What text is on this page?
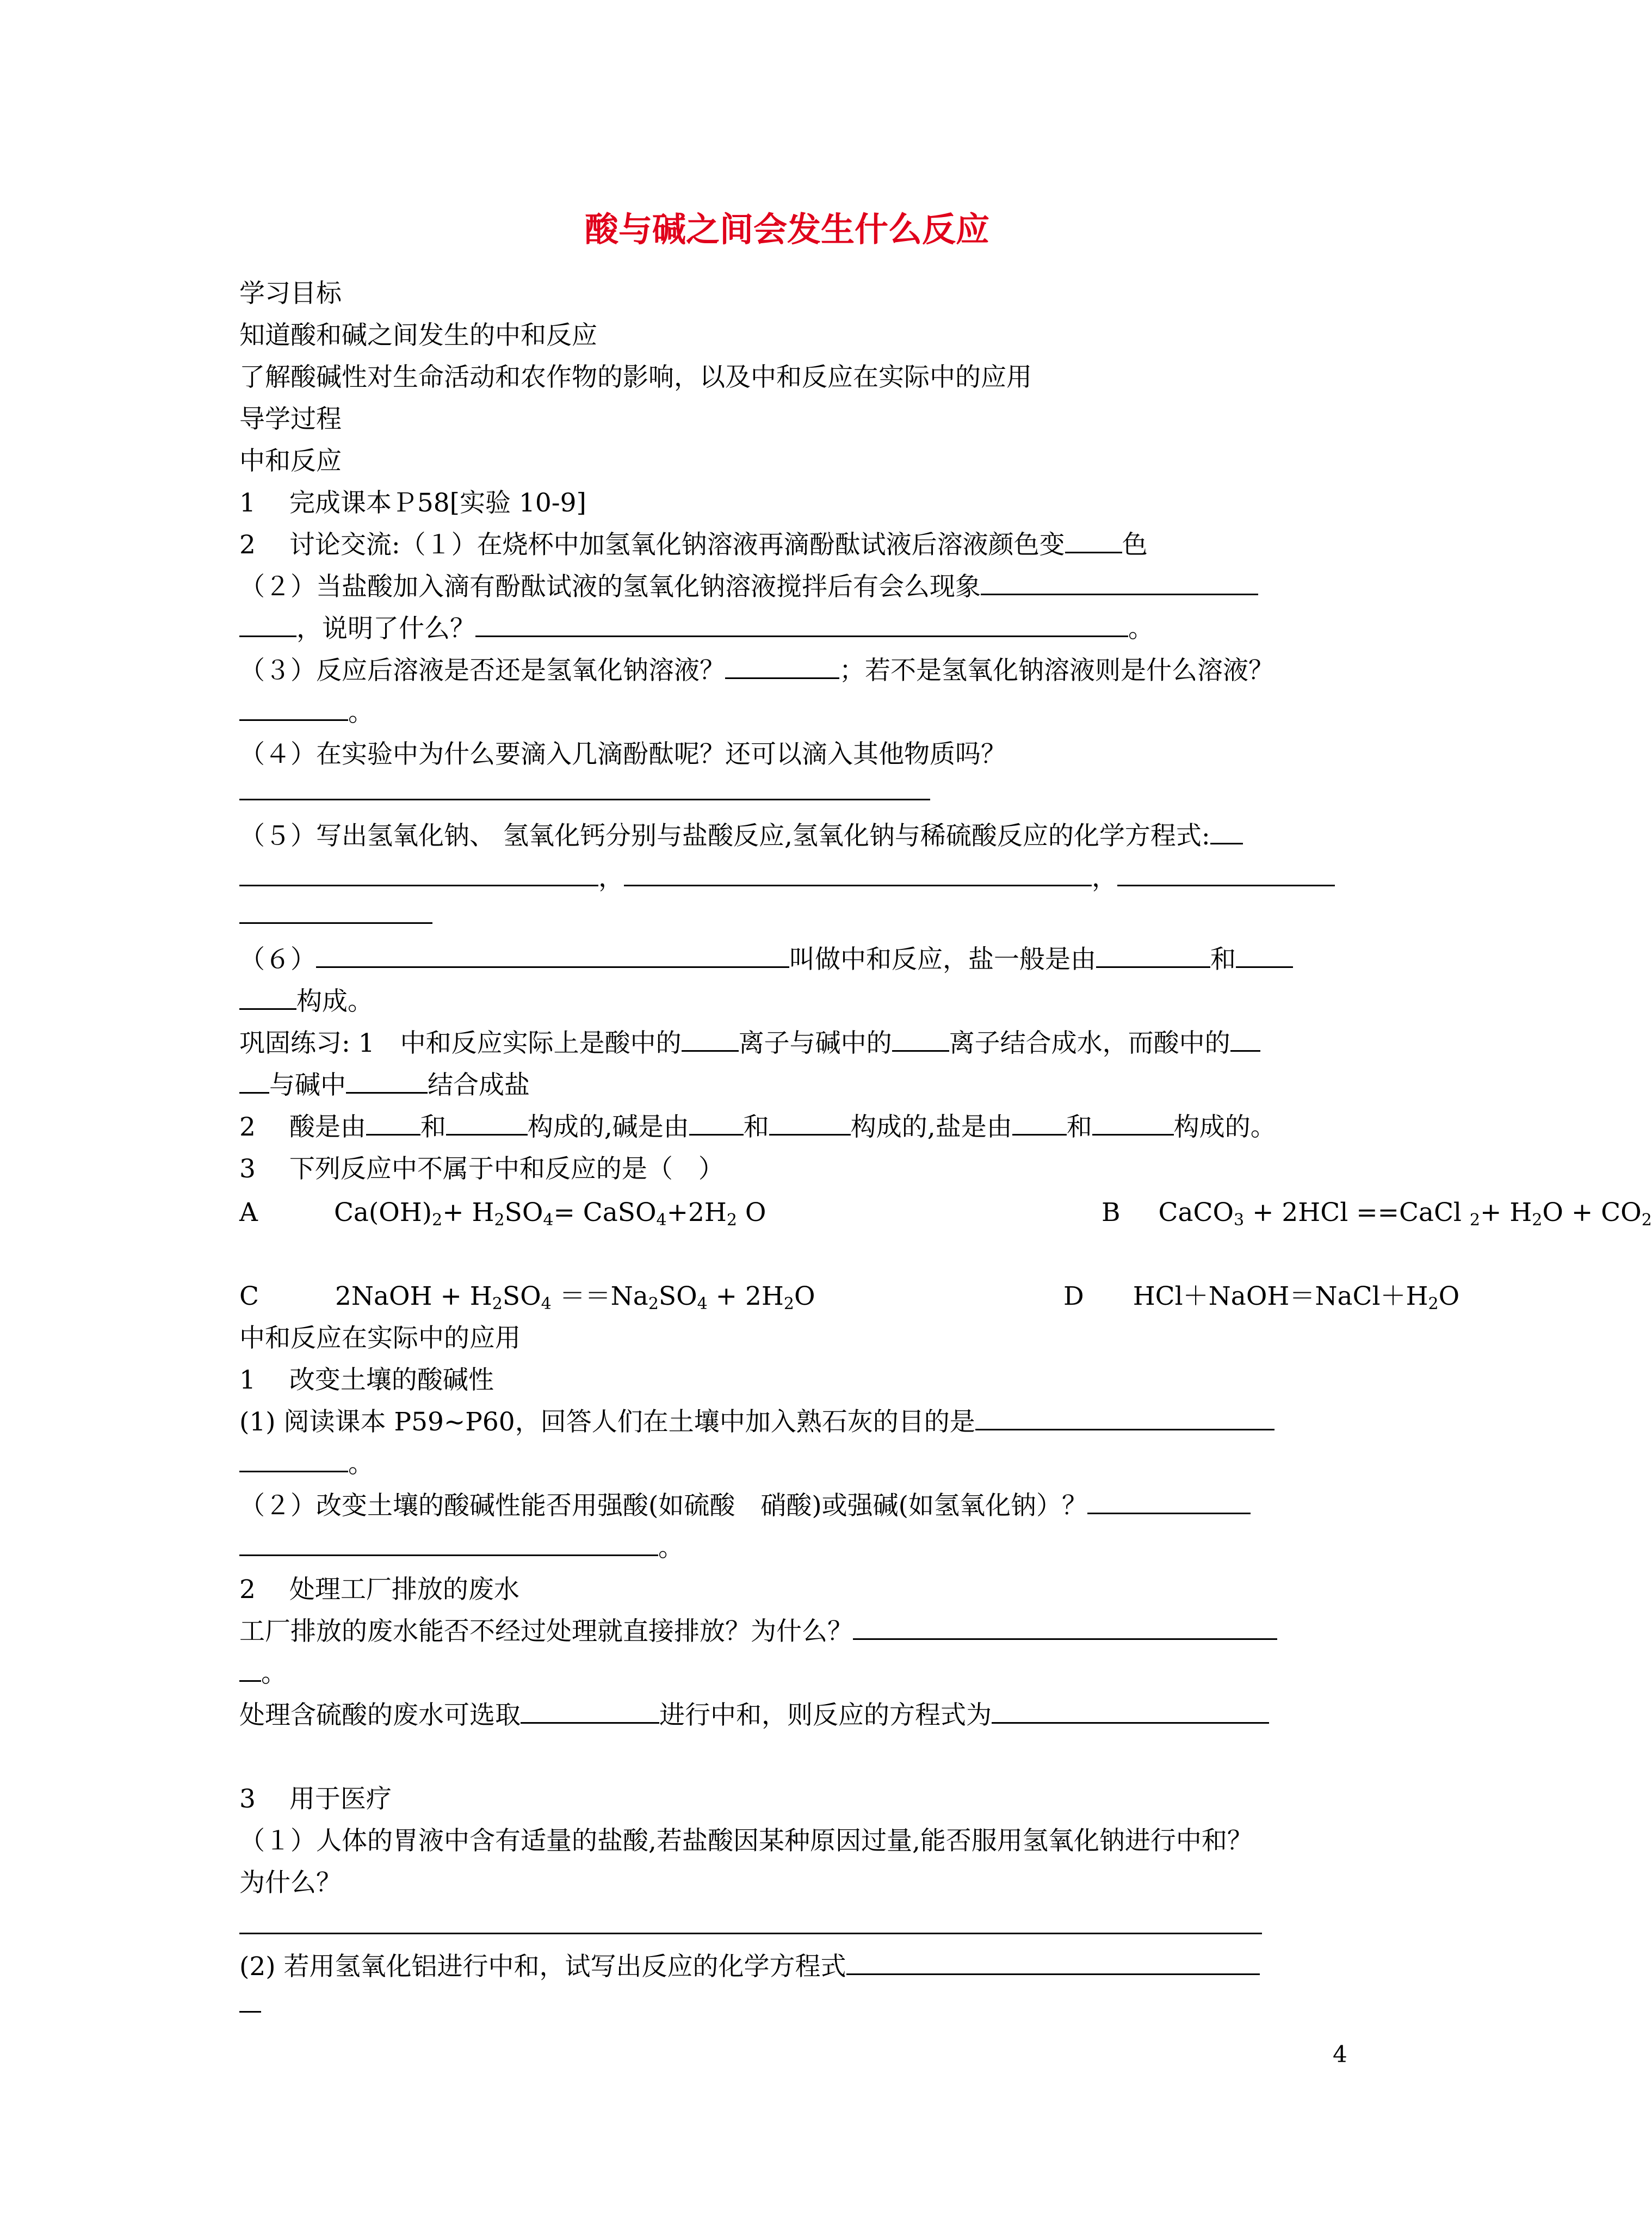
酸与碱之间会发生什么反应
学习目标
知道酸和碱之间发生的中和反应
了解酸碱性对生命活动和农作物的影响，以及中和反应在实际中的应用
导学过程
中和反应
1　 完成课本Ｐ58[实验 10-9]
2　 讨论交流:（１）在烧杯中加氢氧化钠溶液再滴酚酞试液后溶液颜色变 色
（２）当盐酸加入滴有酚酞试液的氢氧化钠溶液搅拌后有会么现象
，说明了什么？	。
（３）反应后溶液是否还是氢氧化钠溶液？	；若不是氢氧化钠溶液则是什么溶液？
。
（４）在实验中为什么要滴入几滴酚酞呢？还可以滴入其他物质吗？
（５）写出氢氧化钠、 氢氧化钙分别与盐酸反应,氢氧化钠与稀硫酸反应的化学方程式:
，	，
（６）	叫做中和反应，盐一般是由	和
构成。
巩固练习: 1　中和反应实际上是酸中的 离子与碱中的 离子结合成水，而酸中的
与碱中	结合成盐
2　 酸是由 和	构成的,碱是由 和	构成的,盐是由 和	构成的。
3　 下列反应中不属于中和反应的是（　）
A	$Ca(OH)_2+ H_2SO_4=$ $CaSO_4+2H_2$ O	B CaCO$_3$ + 2HCl ==CaCl $_2+ H_2O + CO_2$
C	2NaOH + $H_2SO_4 ==Na_2SO_4 + 2H_2O$	D $HCl+NaOH=NaCl+H_2O$
中和反应在实际中的应用
1　 改变土壤的酸碱性
(1) 阅读课本 P59~P60，回答人们在土壤中加入熟石灰的目的是
。
（２）改变土壤的酸碱性能否用强酸(如硫酸　硝酸)或强碱(如氢氧化钠）？
。
2　 处理工厂排放的废水
工厂排放的废水能否不经过处理就直接排放？为什么？
。
处理含硫酸的废水可选取	进行中和，则反应的方程式为
3　 用于医疗
（１）人体的胃液中含有适量的盐酸,若盐酸因某种原因过量,能否服用氢氧化钠进行中和？
为什么？
(2) 若用氢氧化铝进行中和，试写出反应的化学方程式
4
